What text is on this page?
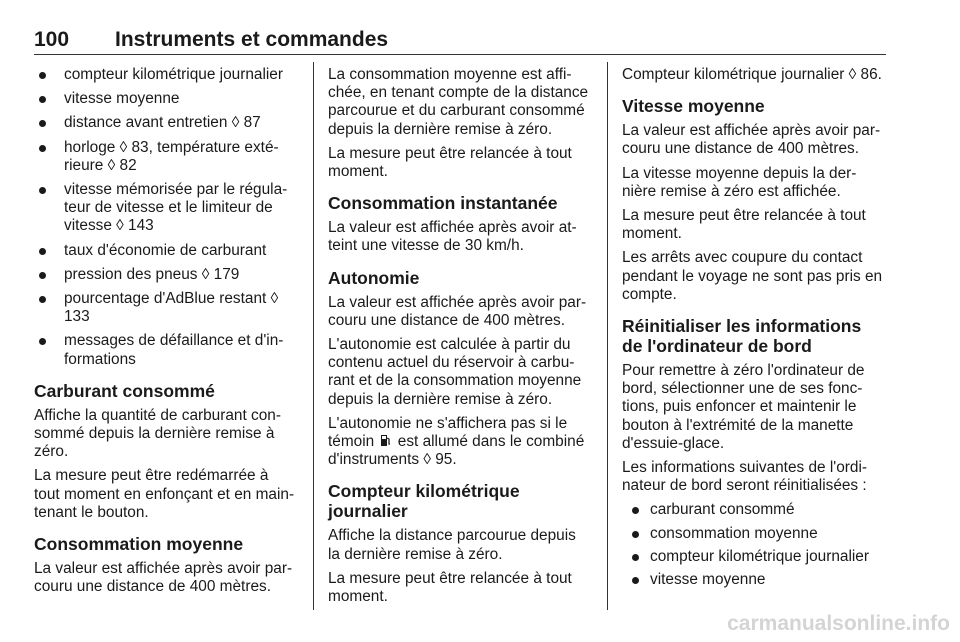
100 Instruments et commandes
compteur kilométrique journalier
vitesse moyenne
distance avant entretien ◊ 87
horloge ◊ 83, température exté- rieure ◊ 82
vitesse mémorisée par le régula- teur de vitesse et le limiteur de vitesse ◊ 143
taux d'économie de carburant
pression des pneus ◊ 179
pourcentage d'AdBlue restant ◊ 133
messages de défaillance et d'in- formations
Carburant consommé

Affiche la quantité de carburant con- sommé depuis la dernière remise à zéro.

La mesure peut être redémarrée à tout moment en enfonçant et en main- tenant le bouton.

Consommation moyenne

La valeur est affichée après avoir par- couru une distance de 400 mètres.

La consommation moyenne est affi- chée, en tenant compte de la distance parcourue et du carburant consommé depuis la dernière remise à zéro.

La mesure peut être relancée à tout moment.

Consommation instantanée

La valeur est affichée après avoir at- teint une vitesse de 30 km/h.

Autonomie

La valeur est affichée après avoir par- couru une distance de 400 mètres.

L'autonomie est calculée à partir du contenu actuel du réservoir à carbu- rant et de la consommation moyenne depuis la dernière remise à zéro.

L'autonomie ne s'affichera pas si le témoin est allumé dans le combiné d'instruments ◊ 95.

Compteur kilométrique journalier

Affiche la distance parcourue depuis la dernière remise à zéro.

La mesure peut être relancée à tout moment.

Compteur kilométrique journalier ◊ 86.

Vitesse moyenne

La valeur est affichée après avoir par- couru une distance de 400 mètres.

La vitesse moyenne depuis la der- nière remise à zéro est affichée.

La mesure peut être relancée à tout moment.

Les arrêts avec coupure du contact pendant le voyage ne sont pas pris en compte.

Réinitialiser les informations de l'ordinateur de bord

Pour remettre à zéro l'ordinateur de bord, sélectionner une de ses fonc- tions, puis enfoncer et maintenir le bouton à l'extrémité de la manette d'essuie-glace.

Les informations suivantes de l'ordi- nateur de bord seront réinitialisées :

carburant consommé
consommation moyenne
compteur kilométrique journalier
vitesse moyenne
carmanualsonline.info
